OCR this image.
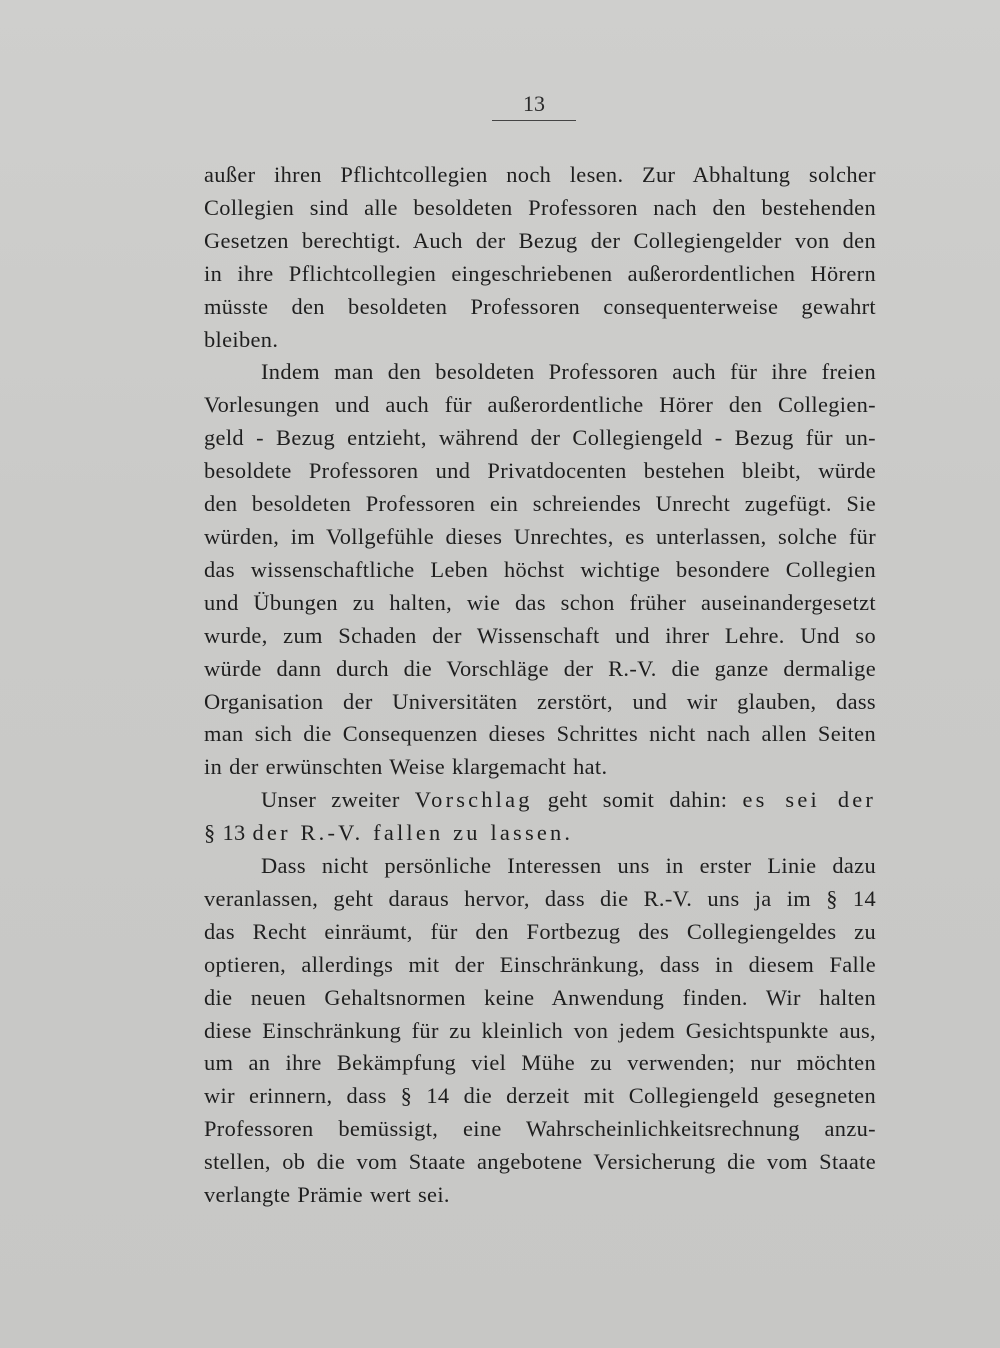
13

außer ihren Pflichtcollegien noch lesen. Zur Abhaltung solcher
Collegien sind alle besoldeten Professoren nach den bestehenden
Gesetzen berechtigt. Auch der Bezug der Collegiengelder von den
in ihre Pflichtcollegien eingeschriebenen außerordentlichen Hörern
müsste den besoldeten Professoren consequenterweise gewahrt
bleiben.

Indem man den besoldeten Professoren auch für ihre freien
Vorlesungen und auch für außerordentliche Hörer den Collegien-
geld - Bezug entzieht, während der Collegiengeld - Bezug für un-
besoldete Professoren und Privatdocenten bestehen bleibt, würde
den besoldeten Professoren ein schreiendes Unrecht zugefügt. Sie
würden, im Vollgefühle dieses Unrechtes, es unterlassen, solche für
das wissenschaftliche Leben höchst wichtige besondere Collegien
und Übungen zu halten, wie das schon früher auseinandergesetzt
wurde, zum Schaden der Wissenschaft und ihrer Lehre. Und so
würde dann durch die Vorschläge der R.-V. die ganze dermalige
Organisation der Universitäten zerstört, und wir glauben, dass
man sich die Consequenzen dieses Schrittes nicht nach allen Seiten
in der erwünschten Weise klargemacht hat.

Unser zweiter Vorschlag geht somit dahin: es sei der
§ 13 der R.-V. fallen zu lassen.

Dass nicht persönliche Interessen uns in erster Linie dazu
veranlassen, geht daraus hervor, dass die R.-V. uns ja im § 14
das Recht einräumt, für den Fortbezug des Collegiengeldes zu
optieren, allerdings mit der Einschränkung, dass in diesem Falle
die neuen Gehaltsnormen keine Anwendung finden. Wir halten
diese Einschränkung für zu kleinlich von jedem Gesichtspunkte aus,
um an ihre Bekämpfung viel Mühe zu verwenden; nur möchten
wir erinnern, dass § 14 die derzeit mit Collegiengeld gesegneten
Professoren bemüssigt, eine Wahrscheinlichkeitsrechnung anzu-
stellen, ob die vom Staate angebotene Versicherung die vom Staate
verlangte Prämie wert sei.
